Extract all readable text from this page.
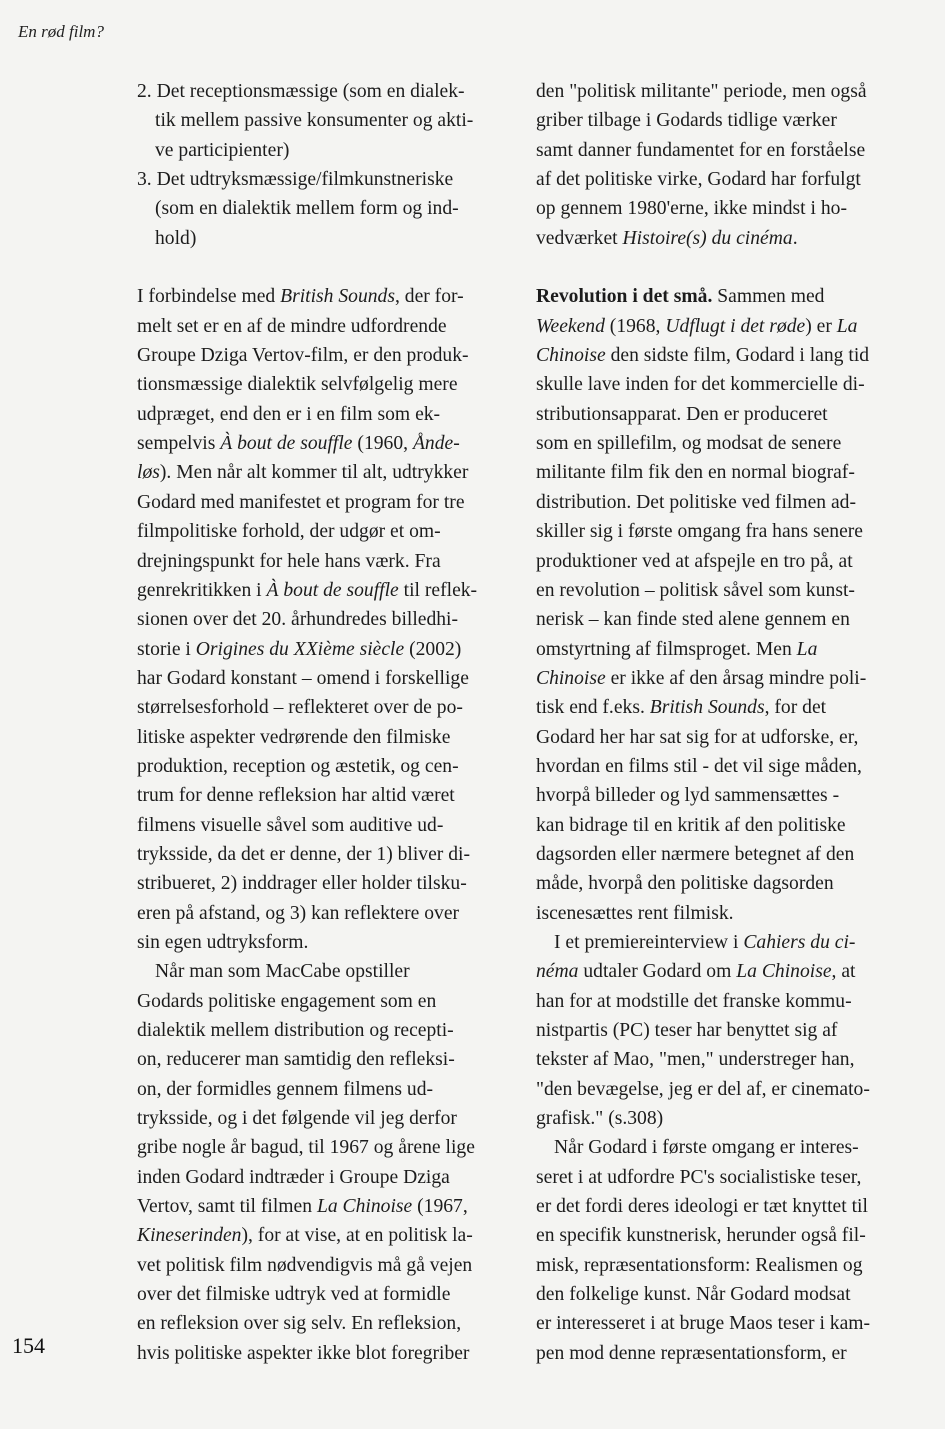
En rød film?
154
2. Det receptionsmæssige (som en dialek-
tik mellem passive konsumenter og akti-
ve participienter)
3. Det udtryksmæssige/filmkunstneriske
(som en dialektik mellem form og ind-
hold)
I forbindelse med British Sounds, der for-
melt set er en af de mindre udfordrende
Groupe Dziga Vertov-film, er den produk-
tionsmæssige dialektik selvfølgelig mere
udpræget, end den er i en film som ek-
sempelvis À bout de souffle (1960, Ånde-
løs). Men når alt kommer til alt, udtrykker
Godard med manifestet et program for tre
filmpolitiske forhold, der udgør et om-
drejningspunkt for hele hans værk. Fra
genrekritikken i À bout de souffle til reflek-
sionen over det 20. århundredes billedhi-
storie i Origines du XXième siècle (2002)
har Godard konstant – omend i forskellige
størrelsesforhold – reflekteret over de po-
litiske aspekter vedrørende den filmiske
produktion, reception og æstetik, og cen-
trum for denne refleksion har altid været
filmens visuelle såvel som auditive ud-
tryksside, da det er denne, der 1) bliver di-
stribueret, 2) inddrager eller holder tilsku-
eren på afstand, og 3) kan reflektere over
sin egen udtryksform.
Når man som MacCabe opstiller
Godards politiske engagement som en
dialektik mellem distribution og recepti-
on, reducerer man samtidig den refleksi-
on, der formidles gennem filmens ud-
tryksside, og i det følgende vil jeg derfor
gribe nogle år bagud, til 1967 og årene lige
inden Godard indtræder i Groupe Dziga
Vertov, samt til filmen La Chinoise (1967,
Kineserinden), for at vise, at en politisk la-
vet politisk film nødvendigvis må gå vejen
over det filmiske udtryk ved at formidle
en refleksion over sig selv. En refleksion,
hvis politiske aspekter ikke blot foregriber
den "politisk militante" periode, men også
griber tilbage i Godards tidlige værker
samt danner fundamentet for en forståelse
af det politiske virke, Godard har forfulgt
op gennem 1980'erne, ikke mindst i ho-
vedværket Histoire(s) du cinéma.
Revolution i det små. Sammen med
Weekend (1968, Udflugt i det røde) er La
Chinoise den sidste film, Godard i lang tid
skulle lave inden for det kommercielle di-
stributionsapparat. Den er produceret
som en spillefilm, og modsat de senere
militante film fik den en normal biograf-
distribution. Det politiske ved filmen ad-
skiller sig i første omgang fra hans senere
produktioner ved at afspejle en tro på, at
en revolution – politisk såvel som kunst-
nerisk – kan finde sted alene gennem en
omstyrtning af filmsproget. Men La
Chinoise er ikke af den årsag mindre poli-
tisk end f.eks. British Sounds, for det
Godard her har sat sig for at udforske, er,
hvordan en films stil - det vil sige måden,
hvorpå billeder og lyd sammensættes -
kan bidrage til en kritik af den politiske
dagsorden eller nærmere betegnet af den
måde, hvorpå den politiske dagsorden
iscenesættes rent filmisk.
I et premiereinterview i Cahiers du ci-
néma udtaler Godard om La Chinoise, at
han for at modstille det franske kommu-
nistpartis (PC) teser har benyttet sig af
tekster af Mao, "men," understreger han,
"den bevægelse, jeg er del af, er cinemato-
grafisk." (s.308)
Når Godard i første omgang er interes-
seret i at udfordre PC's socialistiske teser,
er det fordi deres ideologi er tæt knyttet til
en specifik kunstnerisk, herunder også fil-
misk, repræsentationsform: Realismen og
den folkelige kunst. Når Godard modsat
er interesseret i at bruge Maos teser i kam-
pen mod denne repræsentationsform, er
